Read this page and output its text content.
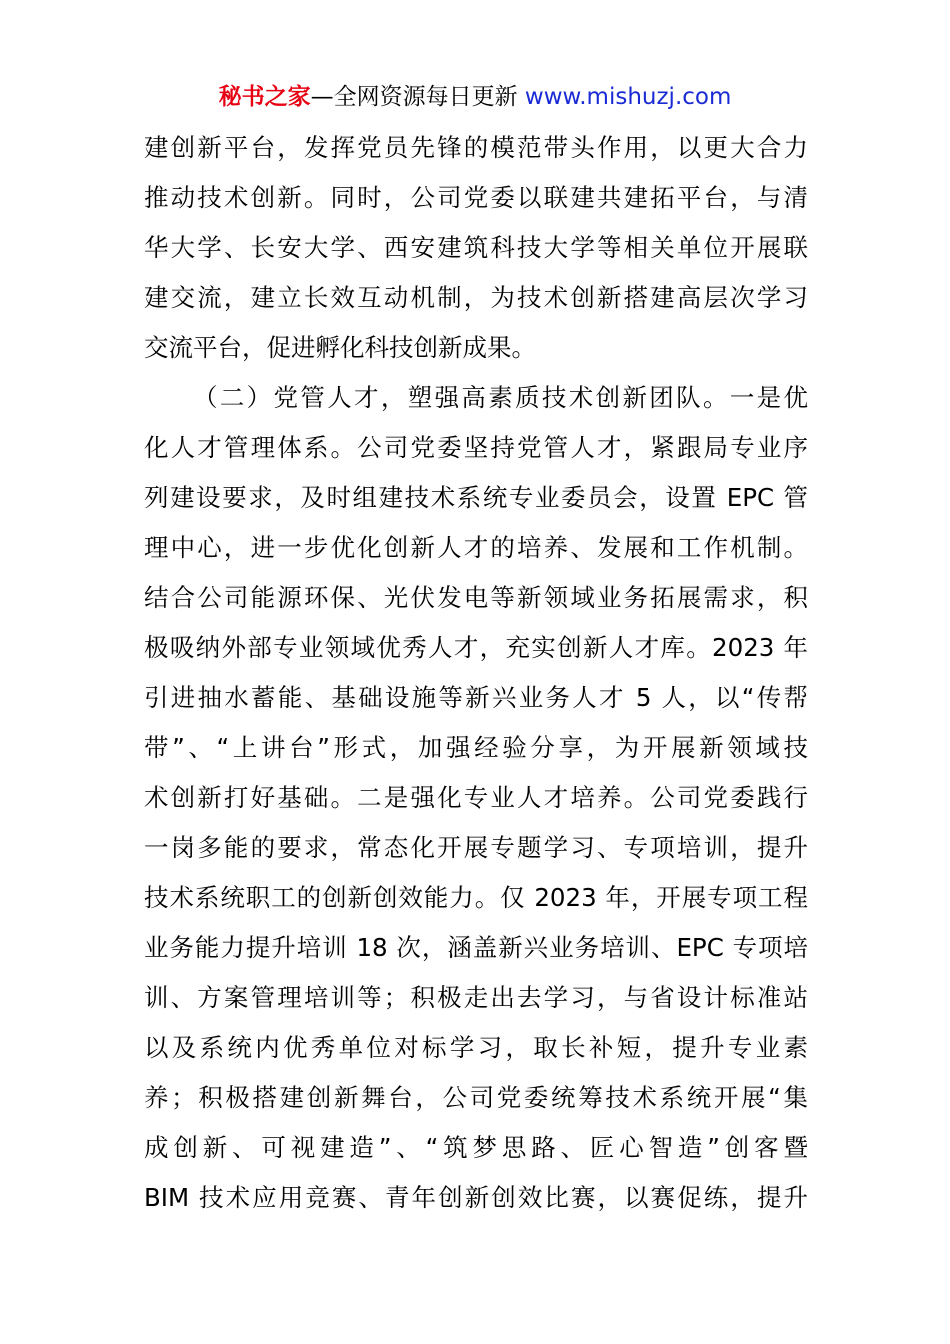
秘书之家—全网资源每日更新 www.mishuzj.com
建创新平台，发挥党员先锋的模范带头作用，以更大合力
推动技术创新。同时，公司党委以联建共建拓平台，与清
华大学、长安大学、西安建筑科技大学等相关单位开展联
建交流，建立长效互动机制，为技术创新搭建高层次学习
交流平台，促进孵化科技创新成果。
（二）党管人才，塑强高素质技术创新团队。一是优
化人才管理体系。公司党委坚持党管人才，紧跟局专业序
列建设要求，及时组建技术系统专业委员会，设置 EPC 管
理中心，进一步优化创新人才的培养、发展和工作机制。
结合公司能源环保、光伏发电等新领域业务拓展需求，积
极吸纳外部专业领域优秀人才，充实创新人才库。2023 年
引进抽水蓄能、基础设施等新兴业务人才 5 人，以“传帮
带”、“上讲台”形式，加强经验分享，为开展新领域技
术创新打好基础。二是强化专业人才培养。公司党委践行
一岗多能的要求，常态化开展专题学习、专项培训，提升
技术系统职工的创新创效能力。仅 2023 年，开展专项工程
业务能力提升培训 18 次，涵盖新兴业务培训、EPC 专项培
训、方案管理培训等；积极走出去学习，与省设计标准站
以及系统内优秀单位对标学习，取长补短，提升专业素
养；积极搭建创新舞台，公司党委统筹技术系统开展“集
成创新、可视建造”、“筑梦思路、匠心智造”创客暨
BIM 技术应用竞赛、青年创新创效比赛，以赛促练，提升
